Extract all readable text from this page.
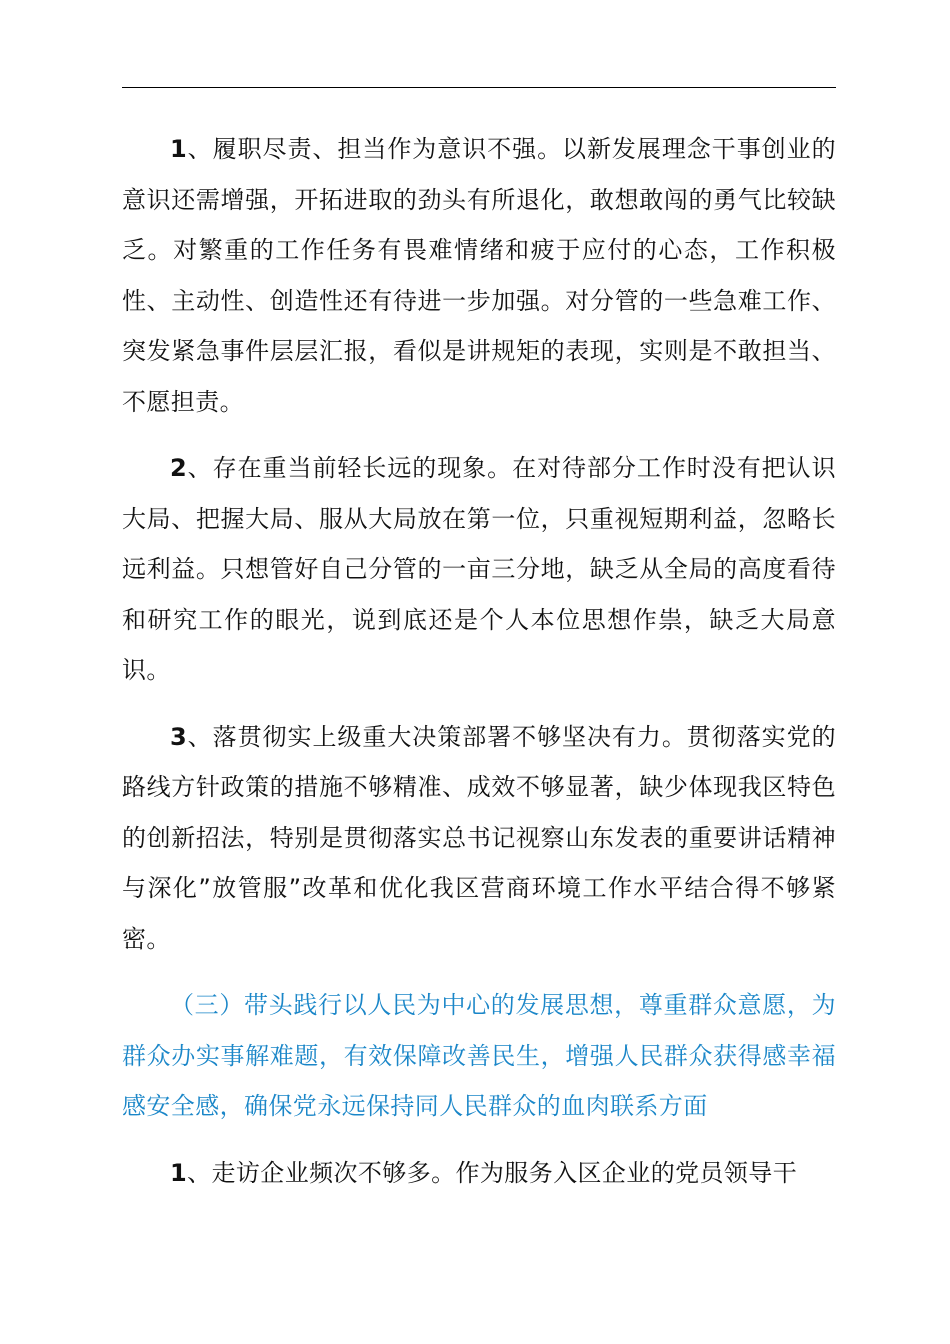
1、履职尽责、担当作为意识不强。以新发展理念干事创业的意识还需增强，开拓进取的劲头有所退化，敢想敢闯的勇气比较缺乏。对繁重的工作任务有畏难情绪和疲于应付的心态，工作积极性、主动性、创造性还有待进一步加强。对分管的一些急难工作、突发紧急事件层层汇报，看似是讲规矩的表现，实则是不敢担当、不愿担责。

2、存在重当前轻长远的现象。在对待部分工作时没有把认识大局、把握大局、服从大局放在第一位，只重视短期利益，忽略长远利益。只想管好自己分管的一亩三分地，缺乏从全局的高度看待和研究工作的眼光，说到底还是个人本位思想作祟，缺乏大局意识。

3、落贯彻实上级重大决策部署不够坚决有力。贯彻落实党的路线方针政策的措施不够精准、成效不够显著，缺少体现我区特色的创新招法，特别是贯彻落实总书记视察山东发表的重要讲话精神与深化”放管服”改革和优化我区营商环境工作水平结合得不够紧密。

（三）带头践行以人民为中心的发展思想，尊重群众意愿，为群众办实事解难题，有效保障改善民生，增强人民群众获得感幸福感安全感，确保党永远保持同人民群众的血肉联系方面

1、走访企业频次不够多。作为服务入区企业的党员领导干
